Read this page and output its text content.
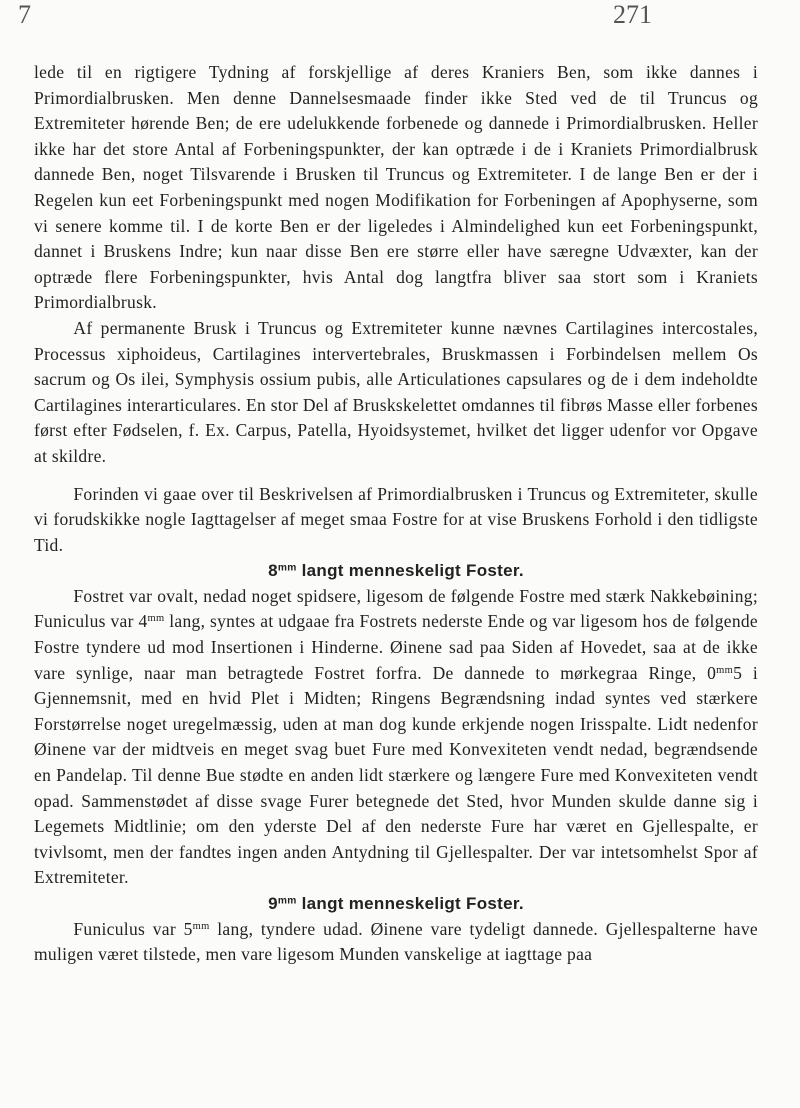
7	271

lede til en rigtigere Tydning af forskjellige af deres Kraniers Ben, som ikke dannes i Primordialbrusken. Men denne Dannelsesmaade finder ikke Sted ved de til Truncus og Extremiteter hørende Ben; de ere udelukkende forbenede og dannede i Primordialbrusken. Heller ikke har det store Antal af Forbeningspunkter, der kan optræde i de i Kraniets Primordialbrusk dannede Ben, noget Tilsvarende i Brusken til Truncus og Extremiteter. I de lange Ben er der i Regelen kun eet Forbeningspunkt med nogen Modifikation for Forbeningen af Apophyserne, som vi senere komme til. I de korte Ben er der ligeledes i Almindelighed kun eet Forbeningspunkt, dannet i Bruskens Indre; kun naar disse Ben ere større eller have særegne Udvæxter, kan der optræde flere Forbeningspunkter, hvis Antal dog langtfra bliver saa stort som i Kraniets Primordialbrusk.

Af permanente Brusk i Truncus og Extremiteter kunne nævnes Cartilagines intercostales, Processus xiphoideus, Cartilagines intervertebrales, Bruskmassen i Forbindelsen mellem Os sacrum og Os ilei, Symphysis ossium pubis, alle Articulationes capsulares og de i dem indeholdte Cartilagines interarticulares. En stor Del af Bruskskelettet omdannes til fibrøs Masse eller forbenes først efter Fødselen, f. Ex. Carpus, Patella, Hyoidsystemet, hvilket det ligger udenfor vor Opgave at skildre.

Forinden vi gaae over til Beskrivelsen af Primordialbrusken i Truncus og Extremiteter, skulle vi forudskikke nogle Iagttagelser af meget smaa Fostre for at vise Bruskens Forhold i den tidligste Tid.

$8^{mm}$ langt menneskeligt Foster.

Fostret var ovalt, nedad noget spidsere, ligesom de følgende Fostre med stærk Nakkebøining; Funiculus var $4^{mm}$ lang, syntes at udgaae fra Fostrets nederste Ende og var ligesom hos de følgende Fostre tyndere ud mod Insertionen i Hinderne. Øinene sad paa Siden af Hovedet, saa at de ikke vare synlige, naar man betragtede Fostret forfra. De dannede to mørkegraa Ringe, $0^{mm}5$ i Gjennemsnit, med en hvid Plet i Midten; Ringens Begrændsning indad syntes ved stærkere Forstørrelse noget uregelmæssig, uden at man dog kunde erkjende nogen Irisspalte. Lidt nedenfor Øinene var der midtveis en meget svag buet Fure med Konvexiteten vendt nedad, begrændsende en Pandelap. Til denne Bue stødte en anden lidt stærkere og længere Fure med Konvexiteten vendt opad. Sammenstødet af disse svage Furer betegnede det Sted, hvor Munden skulde danne sig i Legemets Midtlinie; om den yderste Del af den nederste Fure har været en Gjellespalte, er tvivlsomt, men der fandtes ingen anden Antydning til Gjellespalter. Der var intetsomhelst Spor af Extremiteter.

$9^{mm}$ langt menneskeligt Foster.

Funiculus var $5^{mm}$ lang, tyndere udad. Øinene vare tydeligt dannede. Gjellespalterne have muligen været tilstede, men vare ligesom Munden vanskelige at iagttage paa
